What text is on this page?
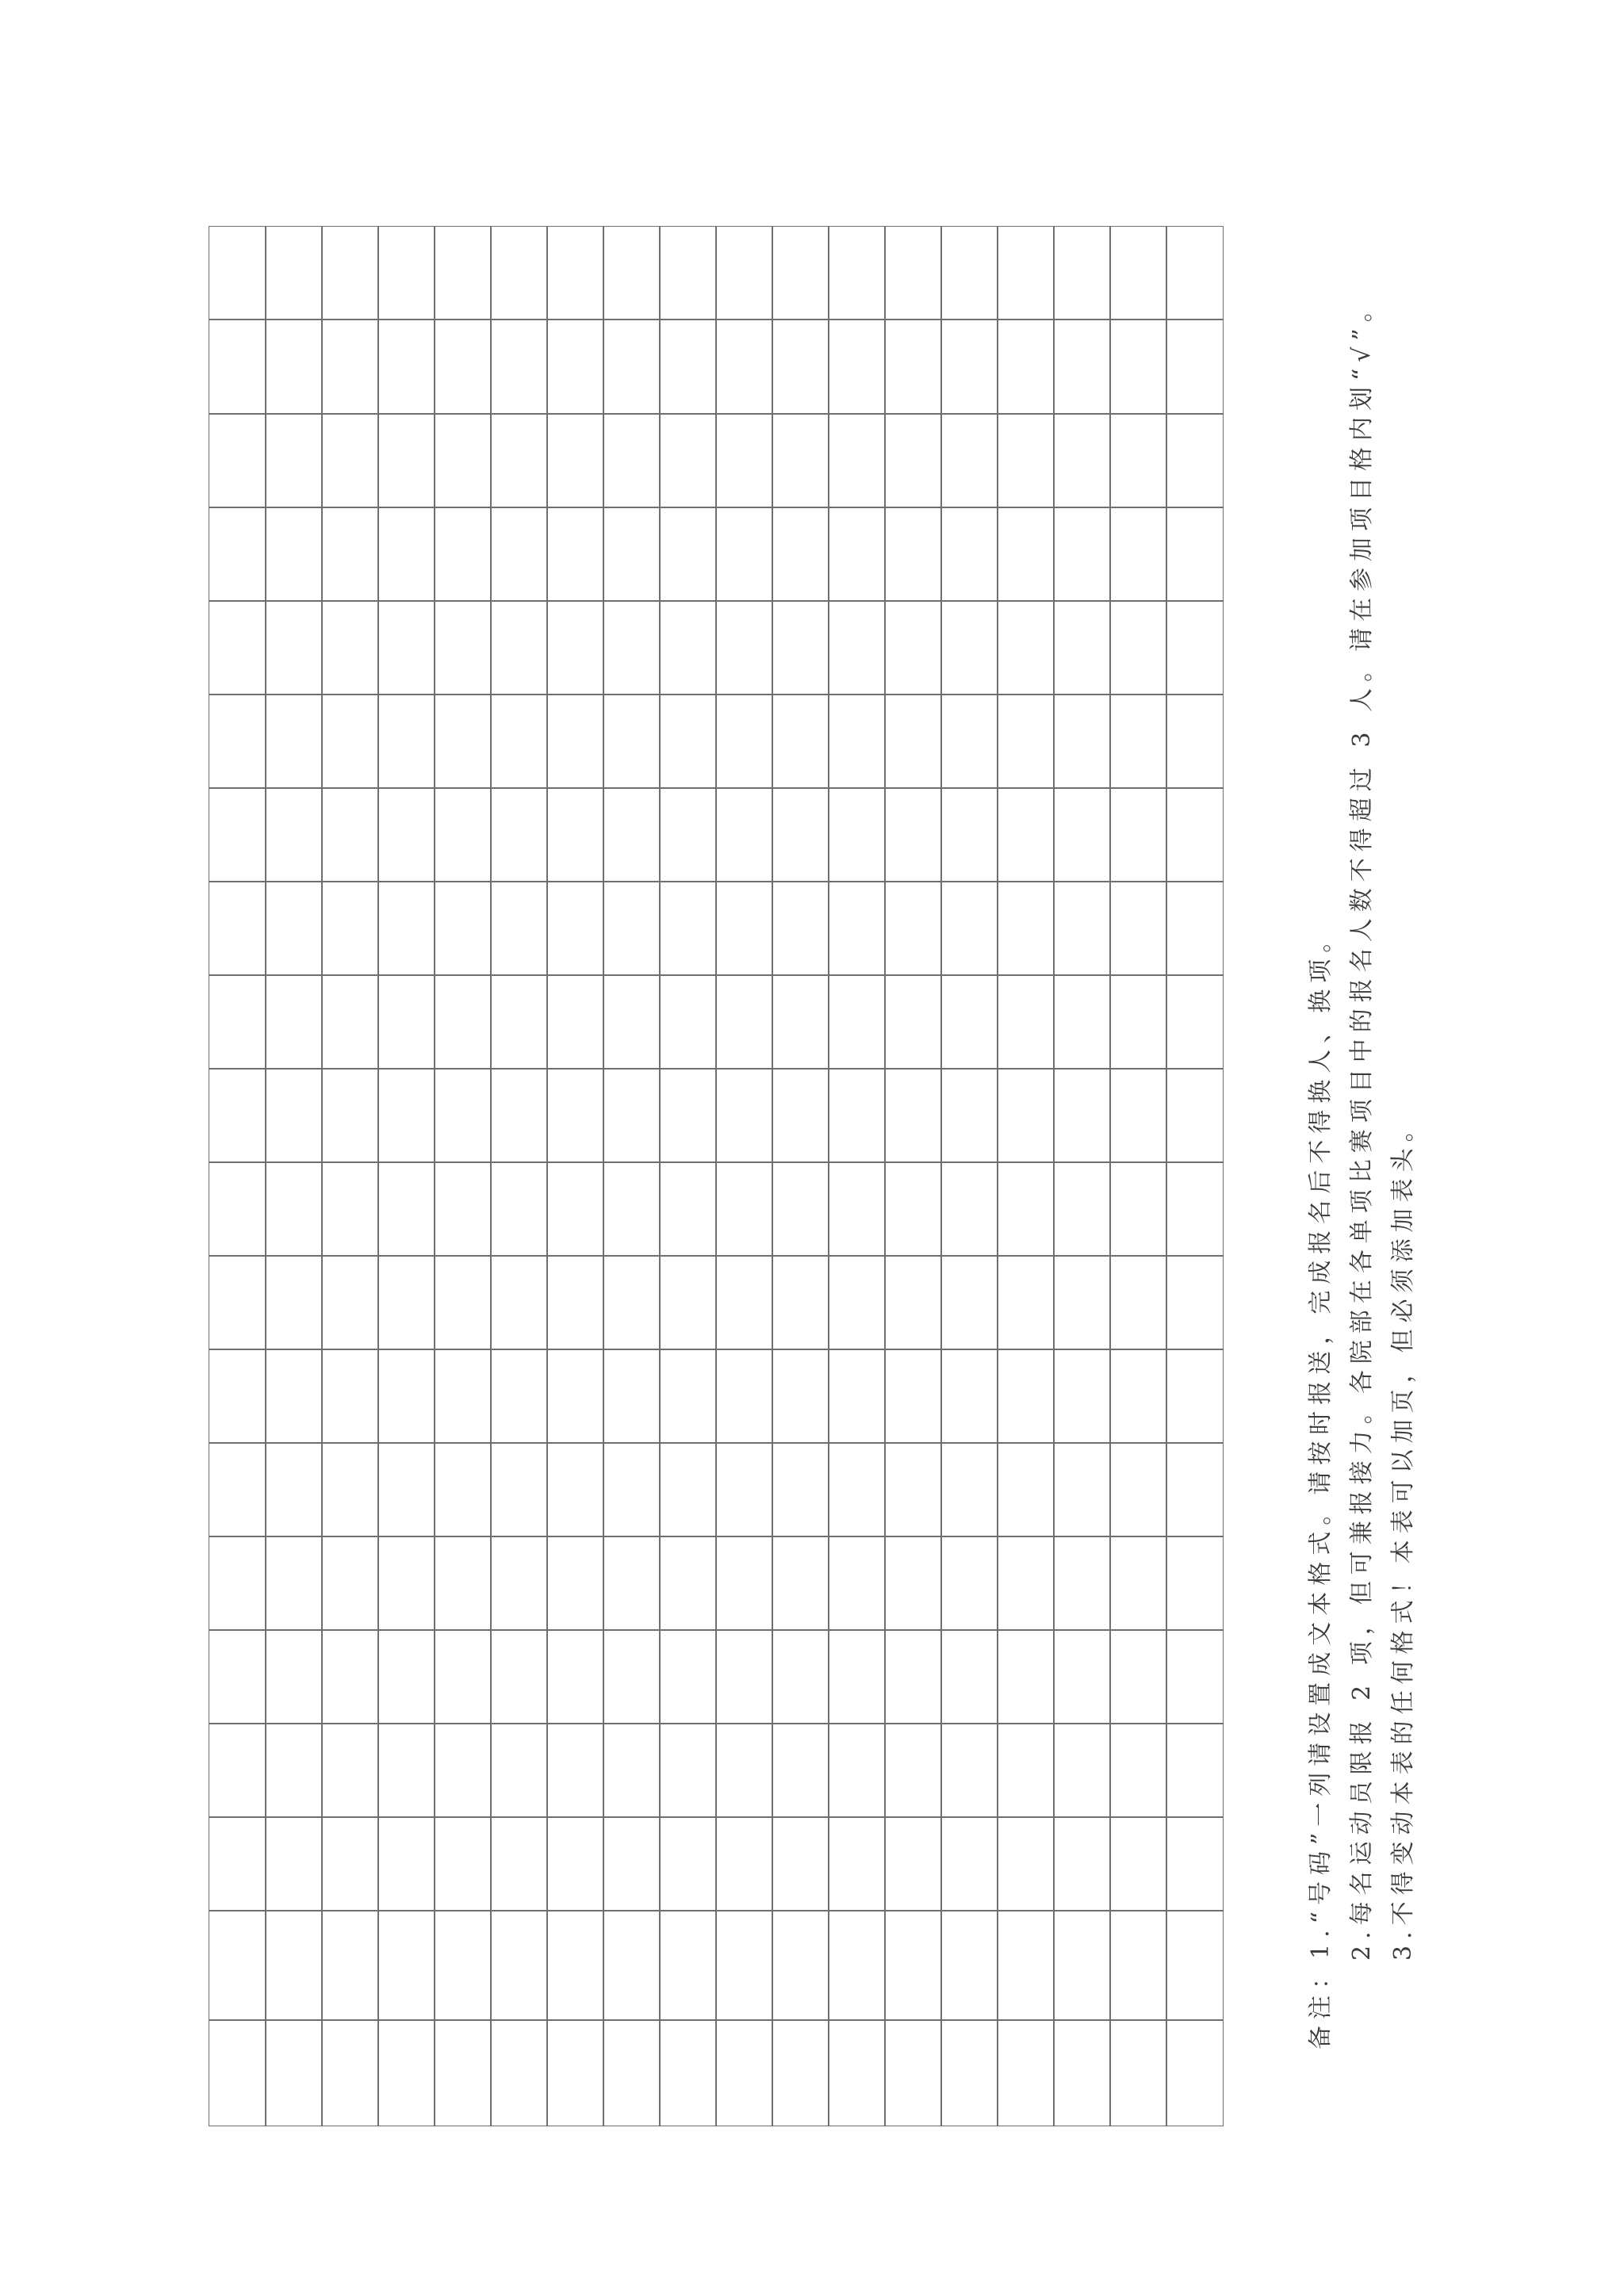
备注：1.“号码”一列请设置成文本格式。请按时报送，完成报名后不得换人、换项。 2.每名运动员限报 2 项，但可兼报接力。各院部在各单项比赛项目中的报名人数不得超过 3 人。请在参加项目格内划“√”。 3.不得变动本表的任何格式！本表可以加页，但必须添加表头。
